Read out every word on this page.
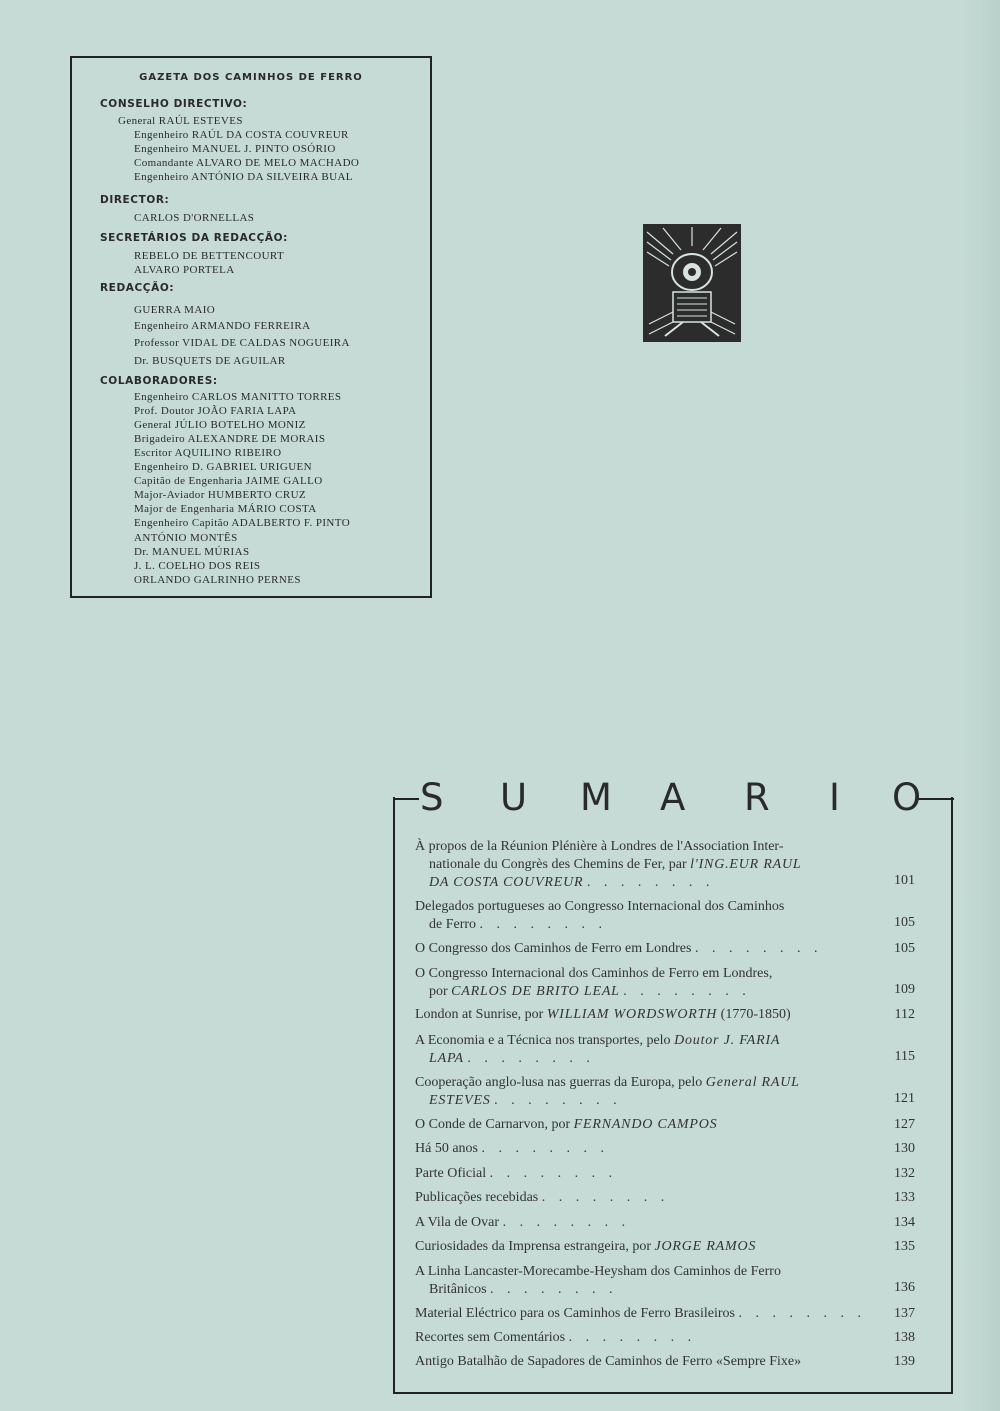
GAZETA DOS CAMINHOS DE FERRO
CONSELHO DIRECTIVO:
General RAÚL ESTEVES
Engenheiro RAÚL DA COSTA COUVREUR
Engenheiro MANUEL J. PINTO OSÓRIO
Comandante ALVARO DE MELO MACHADO
Engenheiro ANTÓNIO DA SILVEIRA BUAL
DIRECTOR:
CARLOS D'ORNELLAS
SECRETÁRIOS DA REDACÇÃO:
REBELO DE BETTENCOURT
ALVARO PORTELA
REDACÇÃO:
GUERRA MAIO
Engenheiro ARMANDO FERREIRA
Professor VIDAL DE CALDAS NOGUEIRA
Dr. BUSQUETS DE AGUILAR
COLABORADORES:
Engenheiro CARLOS MANITTO TORRES
Prof. Doutor JOÃO FARIA LAPA
General JÚLIO BOTELHO MONIZ
Brigadeiro ALEXANDRE DE MORAIS
Escritor AQUILINO RIBEIRO
Engenheiro D. GABRIEL URIGUEN
Capitão de Engenharia JAIME GALLO
Major-Aviador HUMBERTO CRUZ
Major de Engenharia MÁRIO COSTA
Engenheiro Capitão ADALBERTO F. PINTO
ANTÓNIO MONTÊS
Dr. MANUEL MÚRIAS
J. L. COELHO DOS REIS
ORLANDO GALRINHO PERNES
S U M A R I O
À propos de la Réunion Plénière à Londres de l'Association Inter-
nationale du Congrès des Chemins de Fer, par l'ING.EUR RAUL
DA COSTA COUVREUR . . . . . . . .	101
Delegados portugueses ao Congresso Internacional dos Caminhos
de Ferro . . . . . . . .	105
O Congresso dos Caminhos de Ferro em Londres . . . . . . . .	105
O Congresso Internacional dos Caminhos de Ferro em Londres,
por CARLOS DE BRITO LEAL . . . . . . . .	109
London at Sunrise, por WILLIAM WORDSWORTH (1770-1850)	112
A Economia e a Técnica nos transportes, pelo Doutor J. FARIA
LAPA . . . . . . . .	115
Cooperação anglo-lusa nas guerras da Europa, pelo General RAUL
ESTEVES . . . . . . . .	121
O Conde de Carnarvon, por FERNANDO CAMPOS	127
Há 50 anos . . . . . . . .	130
Parte Oficial . . . . . . . .	132
Publicações recebidas . . . . . . . .	133
A Vila de Ovar . . . . . . . .	134
Curiosidades da Imprensa estrangeira, por JORGE RAMOS	135
A Linha Lancaster-Morecambe-Heysham dos Caminhos de Ferro
Britânicos . . . . . . . .	136
Material Eléctrico para os Caminhos de Ferro Brasileiros . . . . . . . .	137
Recortes sem Comentários . . . . . . . .	138
Antigo Batalhão de Sapadores de Caminhos de Ferro «Sempre Fixe»	139
